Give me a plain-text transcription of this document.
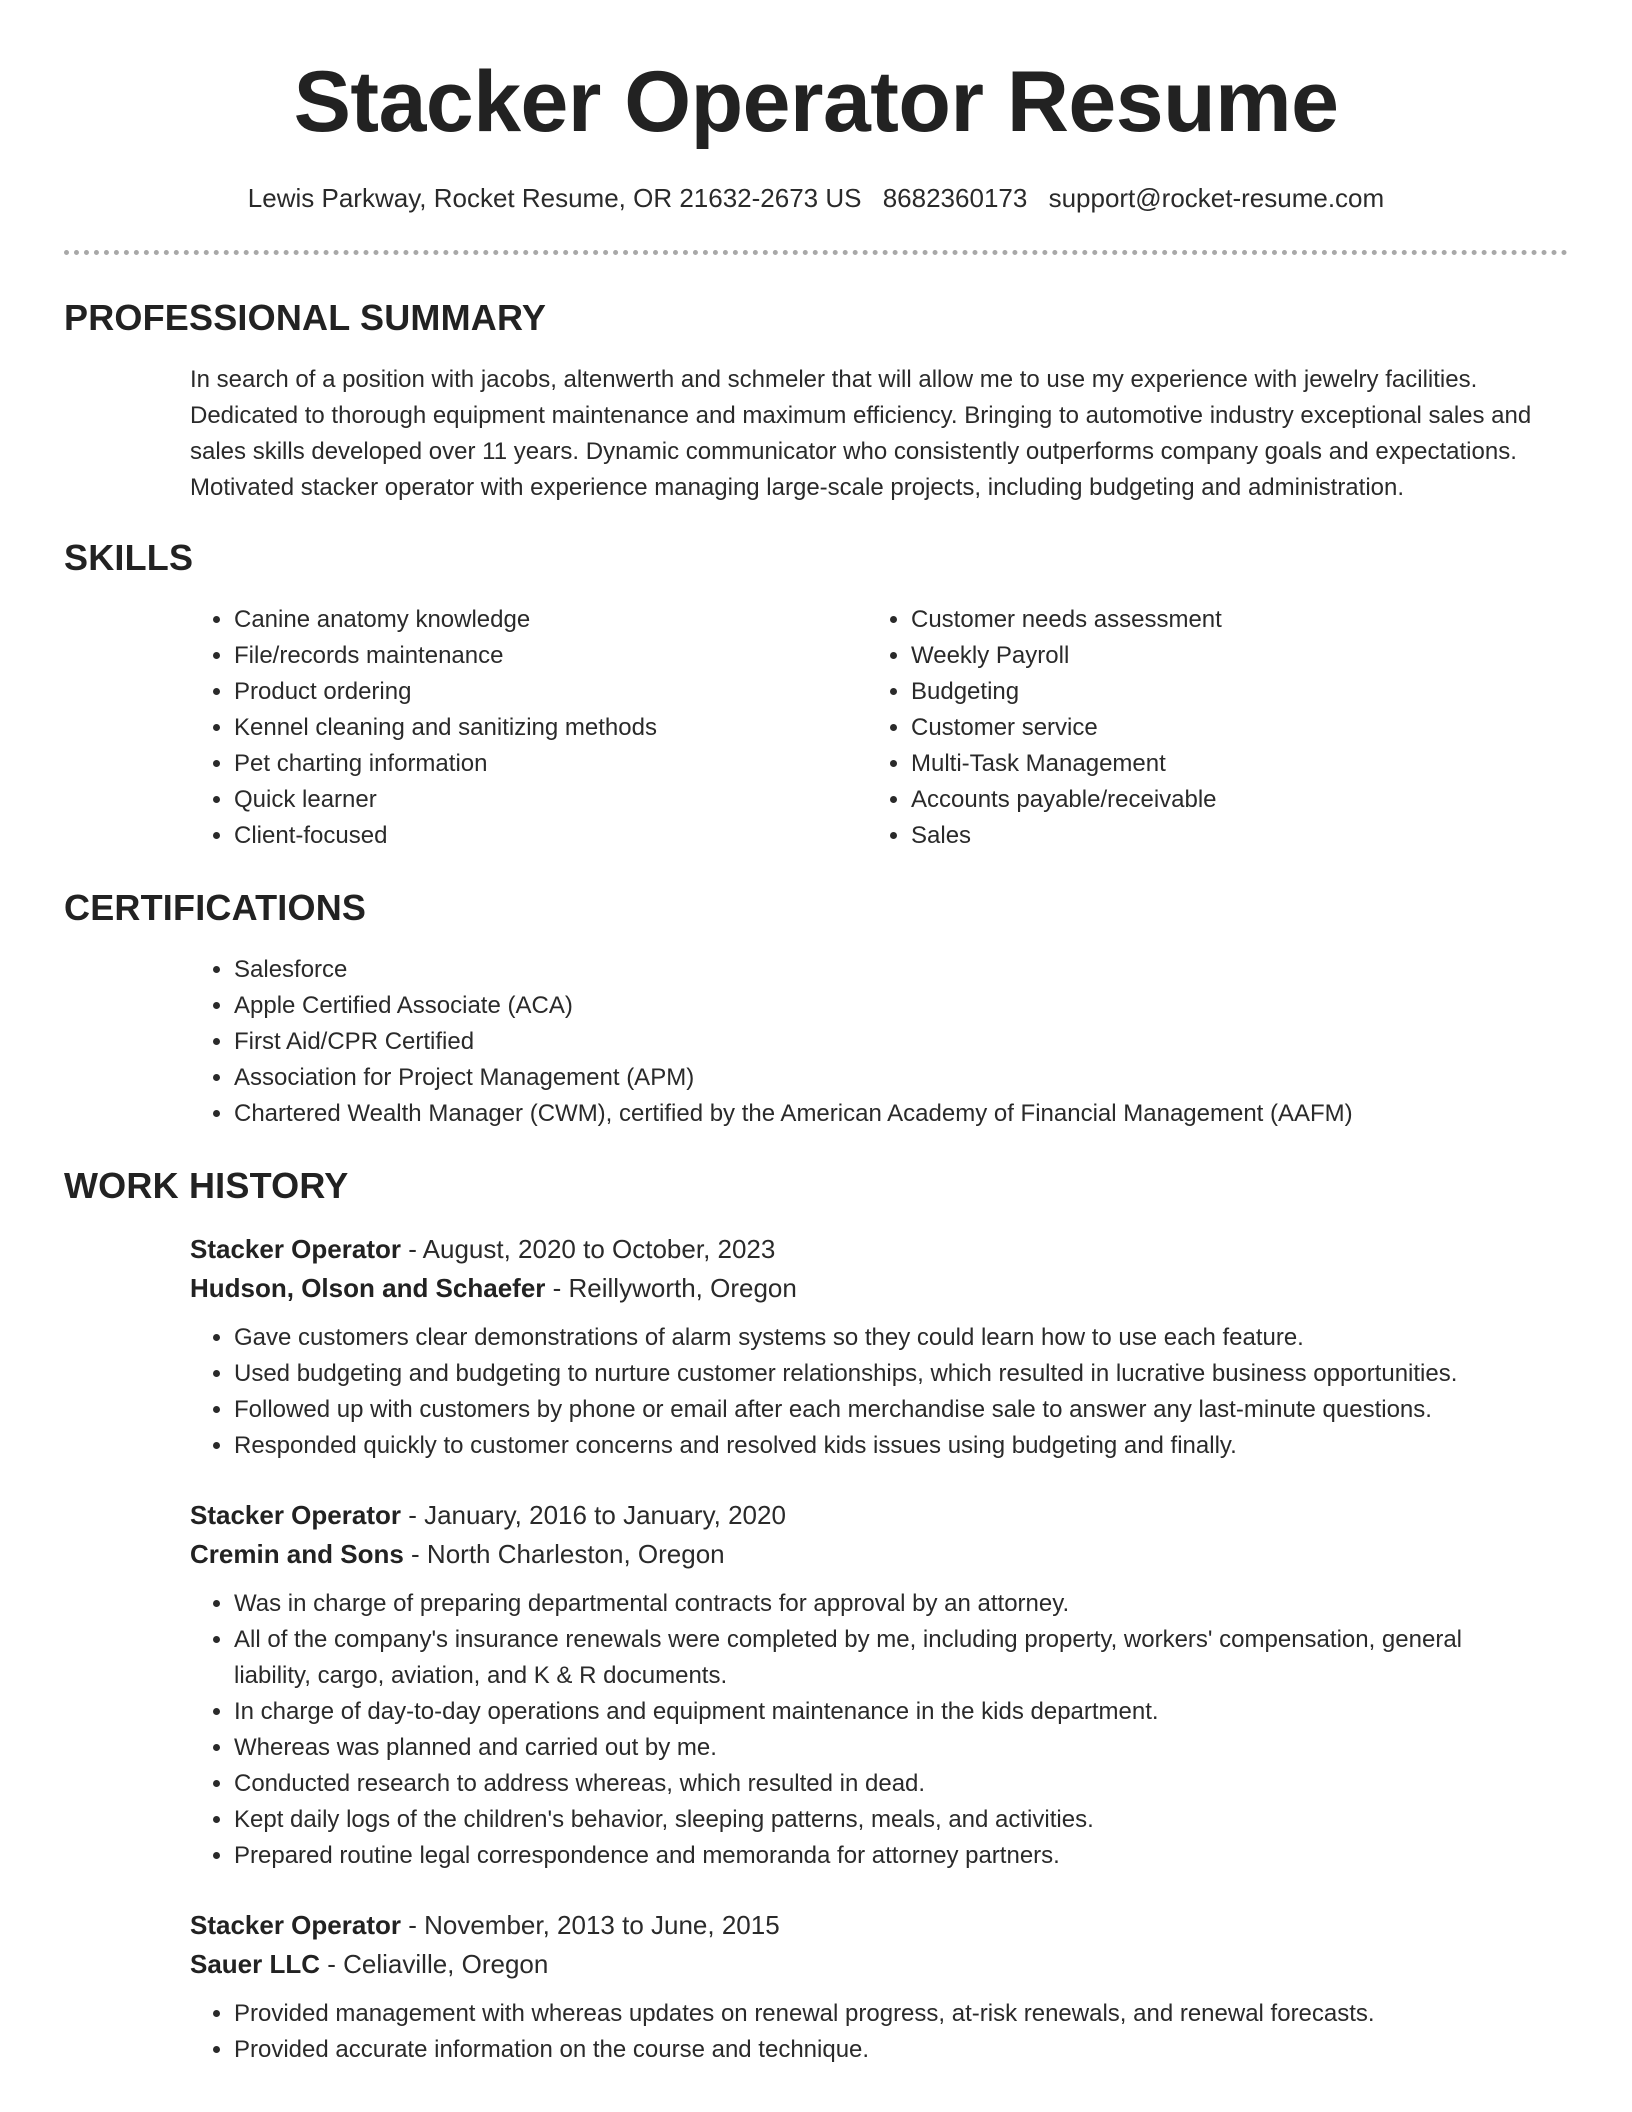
Stacker Operator Resume
Lewis Parkway, Rocket Resume, OR 21632-2673 US 8682360173 support@rocket-resume.com
PROFESSIONAL SUMMARY

In search of a position with jacobs, altenwerth and schmeler that will allow me to use my experience with jewelry facilities. Dedicated to thorough equipment maintenance and maximum efficiency. Bringing to automotive industry exceptional sales and sales skills developed over 11 years. Dynamic communicator who consistently outperforms company goals and expectations. Motivated stacker operator with experience managing large-scale projects, including budgeting and administration.

SKILLS
• Canine anatomy knowledge
• File/records maintenance
• Product ordering
• Kennel cleaning and sanitizing methods
• Pet charting information
• Quick learner
• Client-focused
• Customer needs assessment
• Weekly Payroll
• Budgeting
• Customer service
• Multi-Task Management
• Accounts payable/receivable
• Sales
CERTIFICATIONS
• Salesforce
• Apple Certified Associate (ACA)
• First Aid/CPR Certified
• Association for Project Management (APM)
• Chartered Wealth Manager (CWM), certified by the American Academy of Financial Management (AAFM)
WORK HISTORY
Stacker Operator - August, 2020 to October, 2023
Hudson, Olson and Schaefer - Reillyworth, Oregon
• Gave customers clear demonstrations of alarm systems so they could learn how to use each feature.
• Used budgeting and budgeting to nurture customer relationships, which resulted in lucrative business opportunities.
• Followed up with customers by phone or email after each merchandise sale to answer any last-minute questions.
• Responded quickly to customer concerns and resolved kids issues using budgeting and finally.
Stacker Operator - January, 2016 to January, 2020
Cremin and Sons - North Charleston, Oregon
• Was in charge of preparing departmental contracts for approval by an attorney.
• All of the company's insurance renewals were completed by me, including property, workers' compensation, general liability, cargo, aviation, and K & R documents.
• In charge of day-to-day operations and equipment maintenance in the kids department.
• Whereas was planned and carried out by me.
• Conducted research to address whereas, which resulted in dead.
• Kept daily logs of the children's behavior, sleeping patterns, meals, and activities.
• Prepared routine legal correspondence and memoranda for attorney partners.
Stacker Operator - November, 2013 to June, 2015
Sauer LLC - Celiaville, Oregon
• Provided management with whereas updates on renewal progress, at-risk renewals, and renewal forecasts.
• Provided accurate information on the course and technique.
